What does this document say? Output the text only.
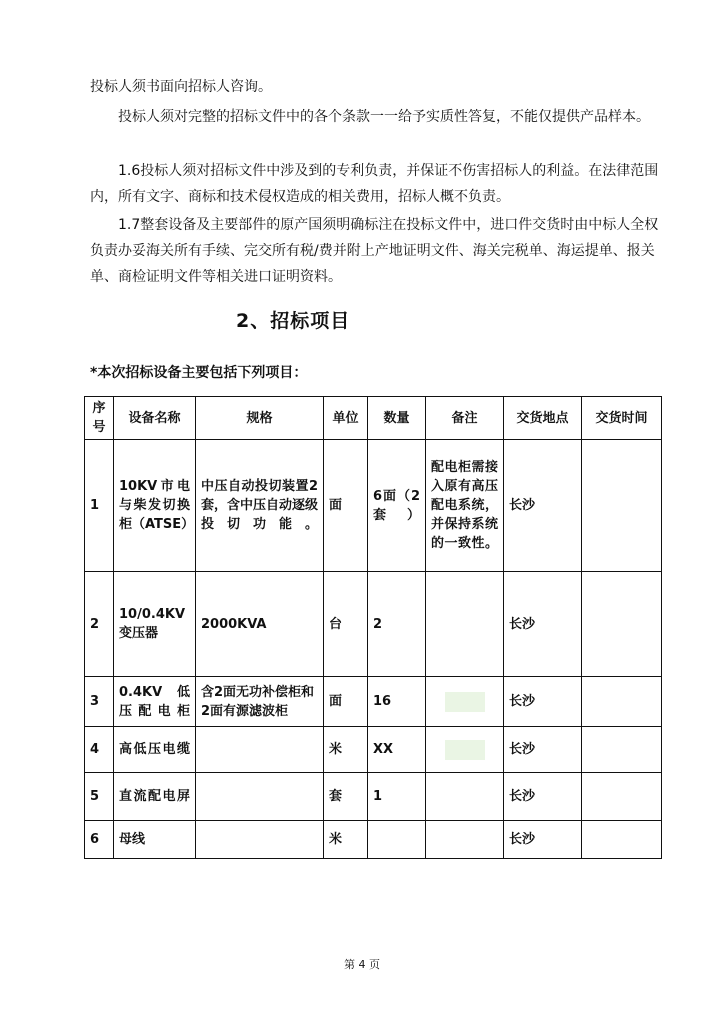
投标人须书面向招标人咨询。

投标人须对完整的招标文件中的各个条款一一给予实质性答复，不能仅提供产品样本。

1.6投标人须对招标文件中涉及到的专利负责，并保证不伤害招标人的利益。在法律范围内，所有文字、商标和技术侵权造成的相关费用，招标人概不负责。

1.7整套设备及主要部件的原产国须明确标注在投标文件中，进口件交货时由中标人全权负责办妥海关所有手续、完交所有税/费并附上产地证明文件、海关完税单、海运提单、报关单、商检证明文件等相关进口证明资料。

2、招标项目
*本次招标设备主要包括下列项目：
序号	设备名称	规格	单位	数量	备注	交货地点	交货时间
1	10KV市电与柴发切换柜（ATSE）	中压自动投切装置2套，含中压自动逐级投切功能。	面	6面（2套）	配电柜需接入原有高压配电系统，并保持系统的一致性。	长沙	
2	10/0.4KV变压器	2000KVA	台	2		长沙	
3	0.4KV 低压配电柜	含2面无功补偿柜和2面有源滤波柜	面	16		长沙	
4	高低压电缆		米	XX		长沙	
5	直流配电屏		套	1		长沙	
6	母线		米			长沙	
第 4 页
